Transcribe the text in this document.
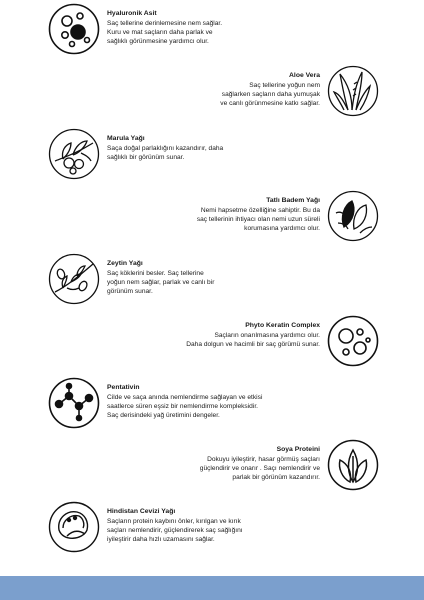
Hyaluronik Asit

Saç tellerine derinlemesine nem sağlar.

Kuru ve mat saçların daha parlak ve

sağlıklı görünmesine yardımcı olur.

Aloe Vera

Saç tellerine yoğun nem

sağlarken saçların daha yumuşak

ve canlı görünmesine katkı sağlar.

Marula Yağı

Saça doğal parlaklığını kazandırır, daha

sağlıklı bir görünüm sunar.

Tatlı Badem Yağı

Nemi hapsetme özelliğine sahiptir. Bu da

saç tellerinin ihtiyacı olan nemi uzun süreli

korumasına yardımcı olur.

Zeytin Yağı

Saç köklerini besler. Saç tellerine

yoğun nem sağlar, parlak ve canlı bir

görünüm sunar.

Phyto Keratin Complex

Saçların onarılmasına yardımcı olur.

Daha dolgun ve hacimli bir saç görümü sunar.

Pentativin

Cilde ve saça anında nemlendirme sağlayan ve etkisi

saatlerce süren eşsiz bir nemlendirme kompleksidir.

Saç derisindeki yağ üretimini dengeler.

Soya Proteini

Dokuyu iyileştirir, hasar görmüş saçları

güçlendirir ve onarır . Saçı nemlendirir ve

parlak bir görünüm kazandırır.

Hindistan Cevizi Yağı

Saçların protein kaybını önler, kırılgan ve kırık

saçları nemlendirir, güçlendirerek saç sağlığını

iyileştirir daha hızlı uzamasını sağlar.
